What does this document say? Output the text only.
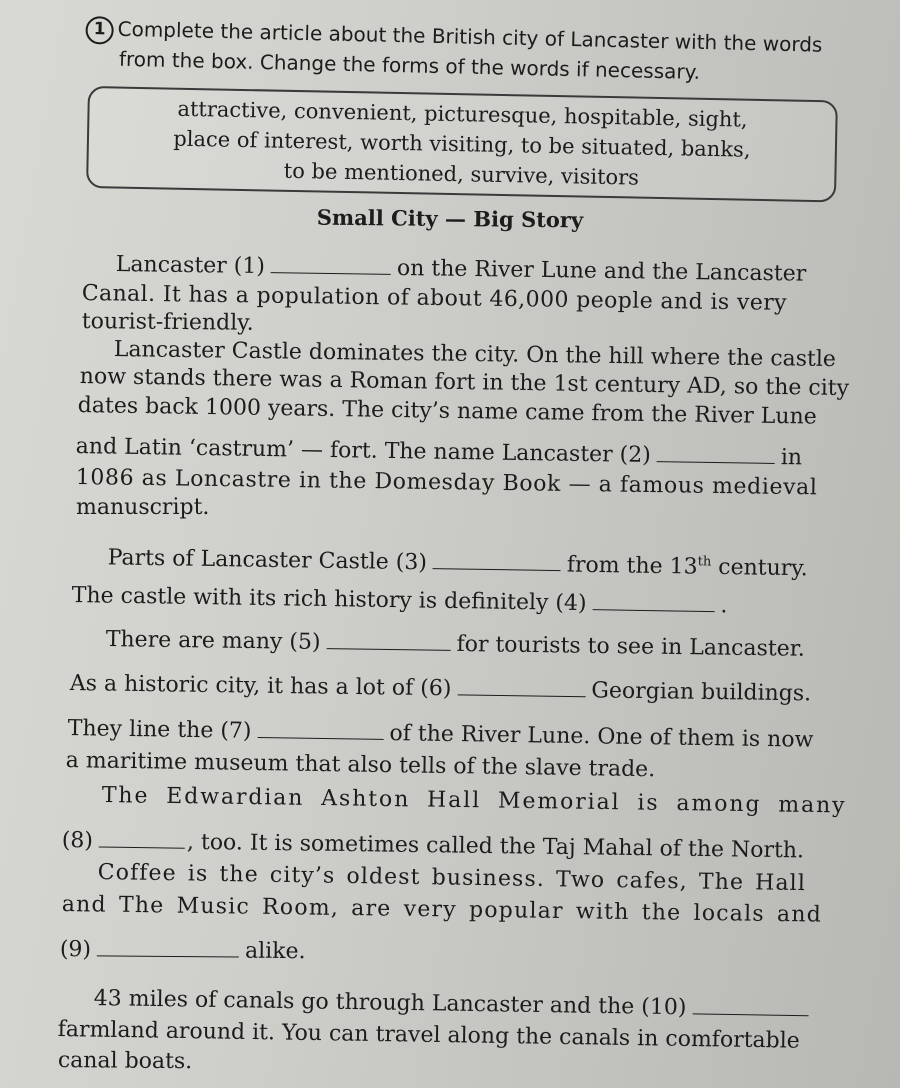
1 Complete the article about the British city of Lancaster with the words
from the box. Change the forms of the words if necessary.
attractive, convenient, picturesque, hospitable, sight,
place of interest, worth visiting, to be situated, banks,
to be mentioned, survive, visitors
Small City — Big Story
Lancaster (1)	on the River Lune and the Lancaster
Canal. It has a population of about 46,000 people and is very
tourist-friendly.
Lancaster Castle dominates the city. On the hill where the castle
now stands there was a Roman fort in the 1st century AD, so the city
dates back 1000 years. The city’s name came from the River Lune
and Latin ‘castrum’ — fort. The name Lancaster (2)	in
1086 as Loncastre in the Domesday Book — a famous medieval
manuscript.
Parts of Lancaster Castle (3)	from the 13th century.
The castle with its rich history is definitely (4)	.
There are many (5)	for tourists to see in Lancaster.
As a historic city, it has a lot of (6)	Georgian buildings.
They line the (7)	of the River Lune. One of them is now
a maritime museum that also tells of the slave trade.
The Edwardian Ashton Hall Memorial is among many
(8)	, too. It is sometimes called the Taj Mahal of the North.
Coffee is the city’s oldest business. Two cafes, The Hall
and The Music Room, are very popular with the locals and
(9)	alike.
43 miles of canals go through Lancaster and the (10)
farmland around it. You can travel along the canals in comfortable
canal boats.
